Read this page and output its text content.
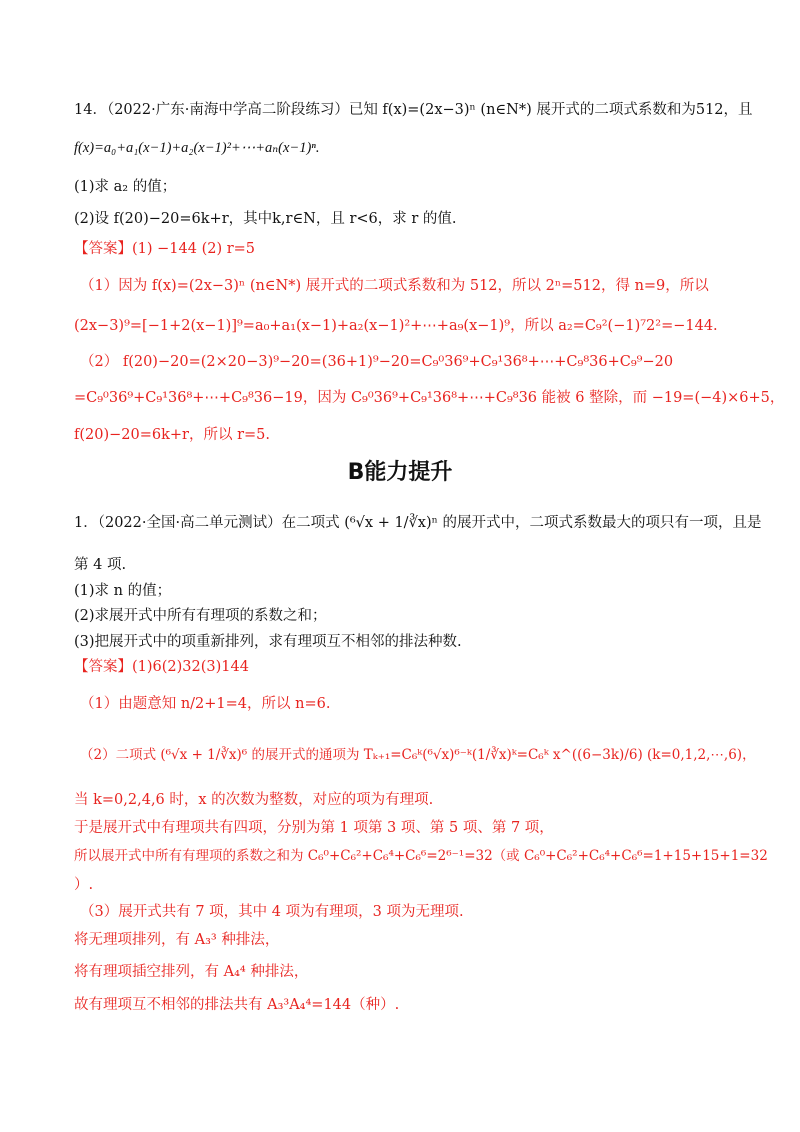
14．（2022·广东·南海中学高二阶段练习）已知 f(x)=(2x−3)ⁿ (n∈N*) 展开式的二项式系数和为512，且
f(x)=a₀+a₁(x−1)+a₂(x−1)²+⋯+aₙ(x−1)ⁿ.
(1)求 a₂ 的值；
(2)设 f(20)−20=6k+r，其中k,r∈N，且 r<6，求 r 的值.
【答案】(1) −144 (2) r=5
（1）因为 f(x)=(2x−3)ⁿ (n∈N*) 展开式的二项式系数和为 512，所以 2ⁿ=512，得 n=9，所以
(2x−3)⁹=[−1+2(x−1)]⁹=a₀+a₁(x−1)+a₂(x−1)²+⋯+a₉(x−1)⁹，所以 a₂=C₉²(−1)⁷2²=−144.
（2） f(20)−20=(2×20−3)⁹−20=(36+1)⁹−20=C₉⁰36⁹+C₉¹36⁸+⋯+C₉⁸36+C₉⁹−20
=C₉⁰36⁹+C₉¹36⁸+⋯+C₉⁸36−19，因为 C₉⁰36⁹+C₉¹36⁸+⋯+C₉⁸36 能被 6 整除，而 −19=(−4)×6+5，
f(20)−20=6k+r，所以 r=5.
B能力提升
1．（2022·全国·高二单元测试）在二项式 (⁶√x + 1/∛x)ⁿ 的展开式中，二项式系数最大的项只有一项，且是
第 4 项.
(1)求 n 的值；
(2)求展开式中所有有理项的系数之和；
(3)把展开式中的项重新排列，求有理项互不相邻的排法种数.
【答案】(1)6(2)32(3)144
（1）由题意知 n/2+1=4，所以 n=6.
（2）二项式 (⁶√x + 1/∛x)⁶ 的展开式的通项为 Tₖ₊₁=C₆ᵏ(⁶√x)⁶⁻ᵏ(1/∛x)ᵏ=C₆ᵏ x^((6−3k)/6) (k=0,1,2,⋯,6)，
当 k=0,2,4,6 时，x 的次数为整数，对应的项为有理项.
于是展开式中有理项共有四项，分别为第 1 项第 3 项、第 5 项、第 7 项，
所以展开式中所有有理项的系数之和为 C₆⁰+C₆²+C₆⁴+C₆⁶=2⁶⁻¹=32（或 C₆⁰+C₆²+C₆⁴+C₆⁶=1+15+15+1=32
）.
（3）展开式共有 7 项，其中 4 项为有理项，3 项为无理项.
将无理项排列，有 A₃³ 种排法，
将有理项插空排列，有 A₄⁴ 种排法，
故有理项互不相邻的排法共有 A₃³A₄⁴=144（种）.
